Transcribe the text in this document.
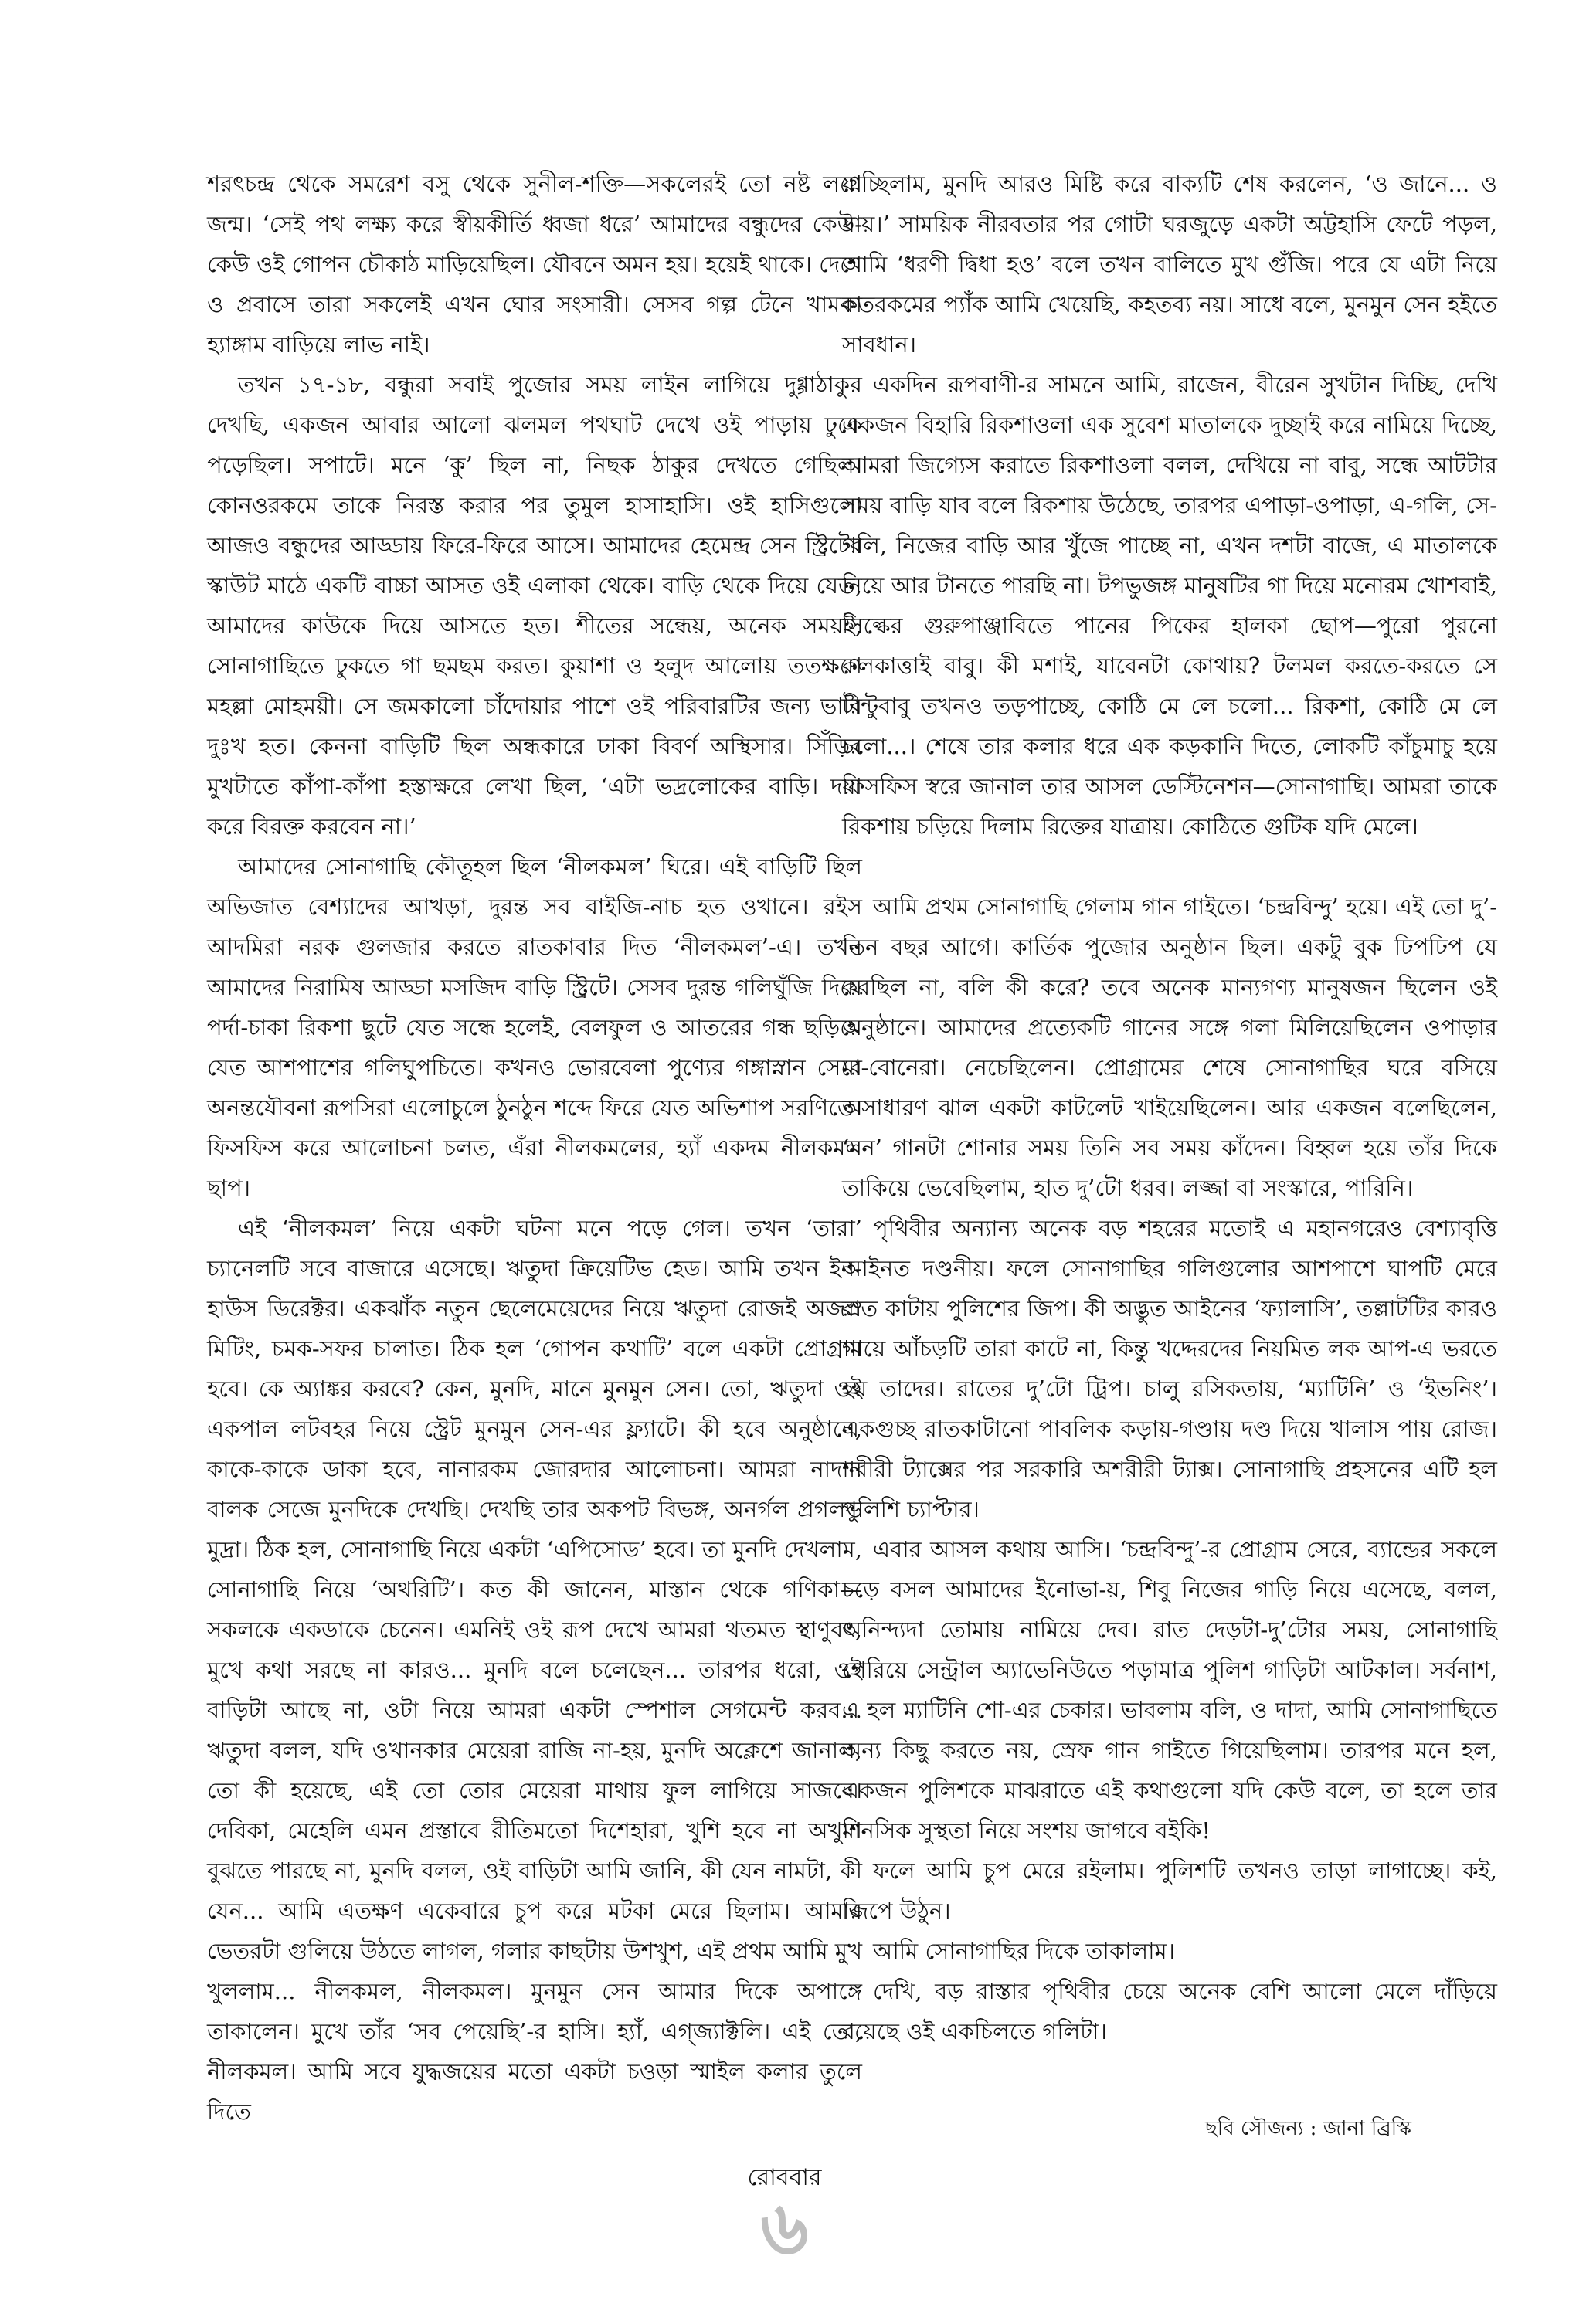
শরৎচন্দ্র থেকে সমরেশ বসু থেকে সুনীল-শক্তি—সকলেরই তো নষ্ট লগ্নে জন্ম। ‘সেই পথ লক্ষ্য করে স্বীয়কীর্তি ধ্বজা ধরে’ আমাদের বন্ধুদের কেউ-কেউ ওই গোপন চৌকাঠ মাড়িয়েছিল। যৌবনে অমন হয়। হয়েই থাকে। দেশে ও প্রবাসে তারা সকলেই এখন ঘোর সংসারী। সেসব গল্প টেনে খামকা হ্যাঙ্গাম বাড়িয়ে লাভ নাই।

তখন ১৭-১৮, বন্ধুরা সবাই পুজোর সময় লাইন লাগিয়ে দুগ্গাঠাকুর দেখছি, একজন আবার আলো ঝলমল পথঘাট দেখে ওই পাড়ায় ঢুকে পড়েছিল। সপাটে। মনে ‘কু’ ছিল না, নিছক ঠাকুর দেখতে গেছিল। কোনওরকমে তাকে নিরস্ত করার পর তুমুল হাসাহাসি। ওই হাসিগুলো আজও বন্ধুদের আড্ডায় ফিরে-ফিরে আসে। আমাদের হেমেন্দ্র সেন স্ট্রিটের স্কাউট মাঠে একটি বাচ্চা আসত ওই এলাকা থেকে। বাড়ি থেকে দিয়ে যেত, আমাদের কাউকে দিয়ে আসতে হত। শীতের সন্ধেয়, অনেক সময়ই, সোনাগাছিতে ঢুকতে গা ছমছম করত। কুয়াশা ও হলুদ আলোয় ততক্ষণে মহল্লা মোহময়ী। সে জমকালো চাঁদোয়ার পাশে ওই পরিবারটির জন্য ভারি দুঃখ হত। কেননা বাড়িটি ছিল অন্ধকারে ঢাকা বিবর্ণ অস্থিসার। সিঁড়ির মুখটাতে কাঁপা-কাঁপা হস্তাক্ষরে লেখা ছিল, ‘এটা ভদ্রলোকের বাড়ি। দয়া করে বিরক্ত করবেন না।’

আমাদের সোনাগাছি কৌতূহল ছিল ‘নীলকমল’ ঘিরে। এই বাড়িটি ছিল অভিজাত বেশ্যাদের আখড়া, দুরন্ত সব বাইজি-নাচ হত ওখানে। রইস আদমিরা নরক গুলজার করতে রাতকাবার দিত ‘নীলকমল’-এ। তখন আমাদের নিরামিষ আড্ডা মসজিদ বাড়ি স্ট্রিটে। সেসব দুরন্ত গলিঘুঁজি দিয়ে পর্দা-চাকা রিকশা ছুটে যেত সন্ধে হলেই, বেলফুল ও আতরের গন্ধ ছড়িয়ে যেত আশপাশের গলিঘুপচিতে। কখনও ভোরবেলা পুণ্যের গঙ্গাস্নান সেরে অনন্তযৌবনা রূপসিরা এলোচুলে ঠুনঠুন শব্দে ফিরে যেত অভিশাপ সরণিতে। ফিসফিস করে আলোচনা চলত, এঁরা নীলকমলের, হ্যাঁ একদম নীলকমল ছাপ।

এই ‘নীলকমল’ নিয়ে একটা ঘটনা মনে পড়ে গেল। তখন ‘তারা’ চ্যানেলটি সবে বাজারে এসেছে। ঋতুদা ক্রিয়েটিভ হেড। আমি তখন ইন-হাউস ডিরেক্টর। একঝাঁক নতুন ছেলেমেয়েদের নিয়ে ঋতুদা রোজই অজস্র মিটিং, চমক-সফর চালাত। ঠিক হল ‘গোপন কথাটি’ বলে একটা প্রোগ্রাম হবে। কে অ্যাঙ্কর করবে? কেন, মুনদি, মানে মুনমুন সেন। তো, ঋতুদা ওই একপাল লটবহর নিয়ে স্ট্রেট মুনমুন সেন-এর ফ্ল্যাটে। কী হবে অনুষ্ঠানে, কাকে-কাকে ডাকা হবে, নানারকম জোরদার আলোচনা। আমরা নাদান বালক সেজে মুনদিকে দেখছি। দেখছি তার অকপট বিভঙ্গ, অনর্গল প্রগলভ মুদ্রা। ঠিক হল, সোনাগাছি নিয়ে একটা ‘এপিসোড’ হবে। তা মুনদি দেখলাম, সোনাগাছি নিয়ে ‘অথরিটি’। কত কী জানেন, মাস্তান থেকে গণিকা—সকলকে একডাকে চেনেন। এমনিই ওই রূপ দেখে আমরা থতমত স্থাণুবৎ, মুখে কথা সরছে না কারও... মুনদি বলে চলেছেন... তারপর ধরো, ওই বাড়িটা আছে না, ওটা নিয়ে আমরা একটা স্পেশাল সেগমেন্ট করব... ঋতুদা বলল, যদি ওখানকার মেয়েরা রাজি না-হয়, মুনদি অক্লেশে জানাল, তো কী হয়েছে, এই তো তোর মেয়েরা মাথায় ফুল লাগিয়ে সাজবে। দেবিকা, মেহেলি এমন প্রস্তাবে রীতিমতো দিশেহারা, খুশি হবে না অখুশি বুঝতে পারছে না, মুনদি বলল, ওই বাড়িটা আমি জানি, কী যেন নামটা, কী যেন... আমি এতক্ষণ একেবারে চুপ করে মটকা মেরে ছিলাম। আমার ভেতরটা গুলিয়ে উঠতে লাগল, গলার কাছটায় উশখুশ, এই প্রথম আমি মুখ খুললাম... নীলকমল, নীলকমল। মুনমুন সেন আমার দিকে অপাঙ্গে তাকালেন। মুখে তাঁর ‘সব পেয়েছি’-র হাসি। হ্যাঁ, এগ্‌জ্যাক্টলি। এই তো, নীলকমল। আমি সবে যুদ্ধজয়ের মতো একটা চওড়া স্মাইল কলার তুলে দিতে

যাচ্ছিলাম, মুনদি আরও মিষ্টি করে বাক্যটি শেষ করলেন, ‘ও জানে... ও যায়।’ সাময়িক নীরবতার পর গোটা ঘরজুড়ে একটা অট্টহাসি ফেটে পড়ল, আমি ‘ধরণী দ্বিধা হও’ বলে তখন বালিতে মুখ গুঁজি। পরে যে এটা নিয়ে কতরকমের প্যাঁক আমি খেয়েছি, কহতব্য নয়। সাধে বলে, মুনমুন সেন হইতে সাবধান।

একদিন রূপবাণী-র সামনে আমি, রাজেন, বীরেন সুখটান দিচ্ছি, দেখি একজন বিহারি রিকশাওলা এক সুবেশ মাতালকে দুচ্ছাই করে নামিয়ে দিচ্ছে, আমরা জিগ্যেস করাতে রিকশাওলা বলল, দেখিয়ে না বাবু, সন্ধে আটটার সময় বাড়ি যাব বলে রিকশায় উঠেছে, তারপর এপাড়া-ওপাড়া, এ-গলি, সে-গলি, নিজের বাড়ি আর খুঁজে পাচ্ছে না, এখন দশটা বাজে, এ মাতালকে নিয়ে আর টানতে পারছি না। টপভুজঙ্গ মানুষটির গা দিয়ে মনোরম খোশবাই, সিল্কের গুরুপাঞ্জাবিতে পানের পিকের হালকা ছোপ—পুরো পুরনো কলকাত্তাই বাবু। কী মশাই, যাবেনটা কোথায়? টলমল করতে-করতে সে টান্টুবাবু তখনও তড়পাচ্ছে, কোঠি মে লে চলো... রিকশা, কোঠি মে লে চলো...। শেষে তার কলার ধরে এক কড়কানি দিতে, লোকটি কাঁচুমাচু হয়ে ফিসফিস স্বরে জানাল তার আসল ডেস্টিনেশন—সোনাগাছি। আমরা তাকে রিকশায় চড়িয়ে দিলাম রিক্তের যাত্রায়। কোঠিতে গুটিক যদি মেলে।

আমি প্রথম সোনাগাছি গেলাম গান গাইতে। ‘চন্দ্রবিন্দু’ হয়ে। এই তো দু’-তিন বছর আগে। কার্তিক পুজোর অনুষ্ঠান ছিল। একটু বুক ঢিপঢিপ যে করছিল না, বলি কী করে? তবে অনেক মান্যগণ্য মানুষজন ছিলেন ওই অনুষ্ঠানে। আমাদের প্রত্যেকটি গানের সঙ্গে গলা মিলিয়েছিলেন ওপাড়ার মা-বোনেরা। নেচেছিলেন। প্রোগ্রামের শেষে সোনাগাছির ঘরে বসিয়ে অসাধারণ ঝাল একটা কাটলেট খাইয়েছিলেন। আর একজন বলেছিলেন, ‘মন’ গানটা শোনার সময় তিনি সব সময় কাঁদেন। বিহ্বল হয়ে তাঁর দিকে তাকিয়ে ভেবেছিলাম, হাত দু’টো ধরব। লজ্জা বা সংস্কারে, পারিনি।

পৃথিবীর অন্যান্য অনেক বড় শহরের মতোই এ মহানগরেও বেশ্যাবৃত্তি আইনত দণ্ডনীয়। ফলে সোনাগাছির গলিগুলোর আশপাশে ঘাপটি মেরে রাত কাটায় পুলিশের জিপ। কী অদ্ভুত আইনের ‘ফ্যালাসি’, তল্লাটটির কারও গায়ে আঁচড়টি তারা কাটে না, কিন্তু খদ্দেরদের নিয়মিত লক আপ-এ ভরতে হয় তাদের। রাতের দু’টো ট্রিপ। চালু রসিকতায়, ‘ম্যাটিনি’ ও ‘ইভনিং’। একগুচ্ছ রাতকাটানো পাবলিক কড়ায়-গণ্ডায় দণ্ড দিয়ে খালাস পায় রোজ। শরীরী ট্যাক্সের পর সরকারি অশরীরী ট্যাক্স। সোনাগাছি প্রহসনের এটি হল পুলিশি চ্যাপ্টার।

এবার আসল কথায় আসি। ‘চন্দ্রবিন্দু’-র প্রোগ্রাম সেরে, ব্যান্ডের সকলে চড়ে বসল আমাদের ইনোভা-য়, শিবু নিজের গাড়ি নিয়ে এসেছে, বলল, অনিন্দ্যদা তোমায় নামিয়ে দেব। রাত দেড়টা-দু’টোর সময়, সোনাগাছি পেরিয়ে সেন্ট্রাল অ্যাভেনিউতে পড়ামাত্র পুলিশ গাড়িটা আটকাল। সর্বনাশ, এ হল ম্যাটিনি শো-এর চেকার। ভাবলাম বলি, ও দাদা, আমি সোনাগাছিতে অন্য কিছু করতে নয়, স্রেফ গান গাইতে গিয়েছিলাম। তারপর মনে হল, একজন পুলিশকে মাঝরাতে এই কথাগুলো যদি কেউ বলে, তা হলে তার মানসিক সুস্থতা নিয়ে সংশয় জাগবে বইকি!

ফলে আমি চুপ মেরে রইলাম। পুলিশটি তখনও তাড়া লাগাচ্ছে। কই, জিপে উঠুন।

আমি সোনাগাছির দিকে তাকালাম।

দেখি, বড় রাস্তার পৃথিবীর চেয়ে অনেক বেশি আলো মেলে দাঁড়িয়ে রয়েছে ওই একচিলতে গলিটা।

ছবি সৌজন্য : জানা ব্রিস্কি
রোববার
৬
